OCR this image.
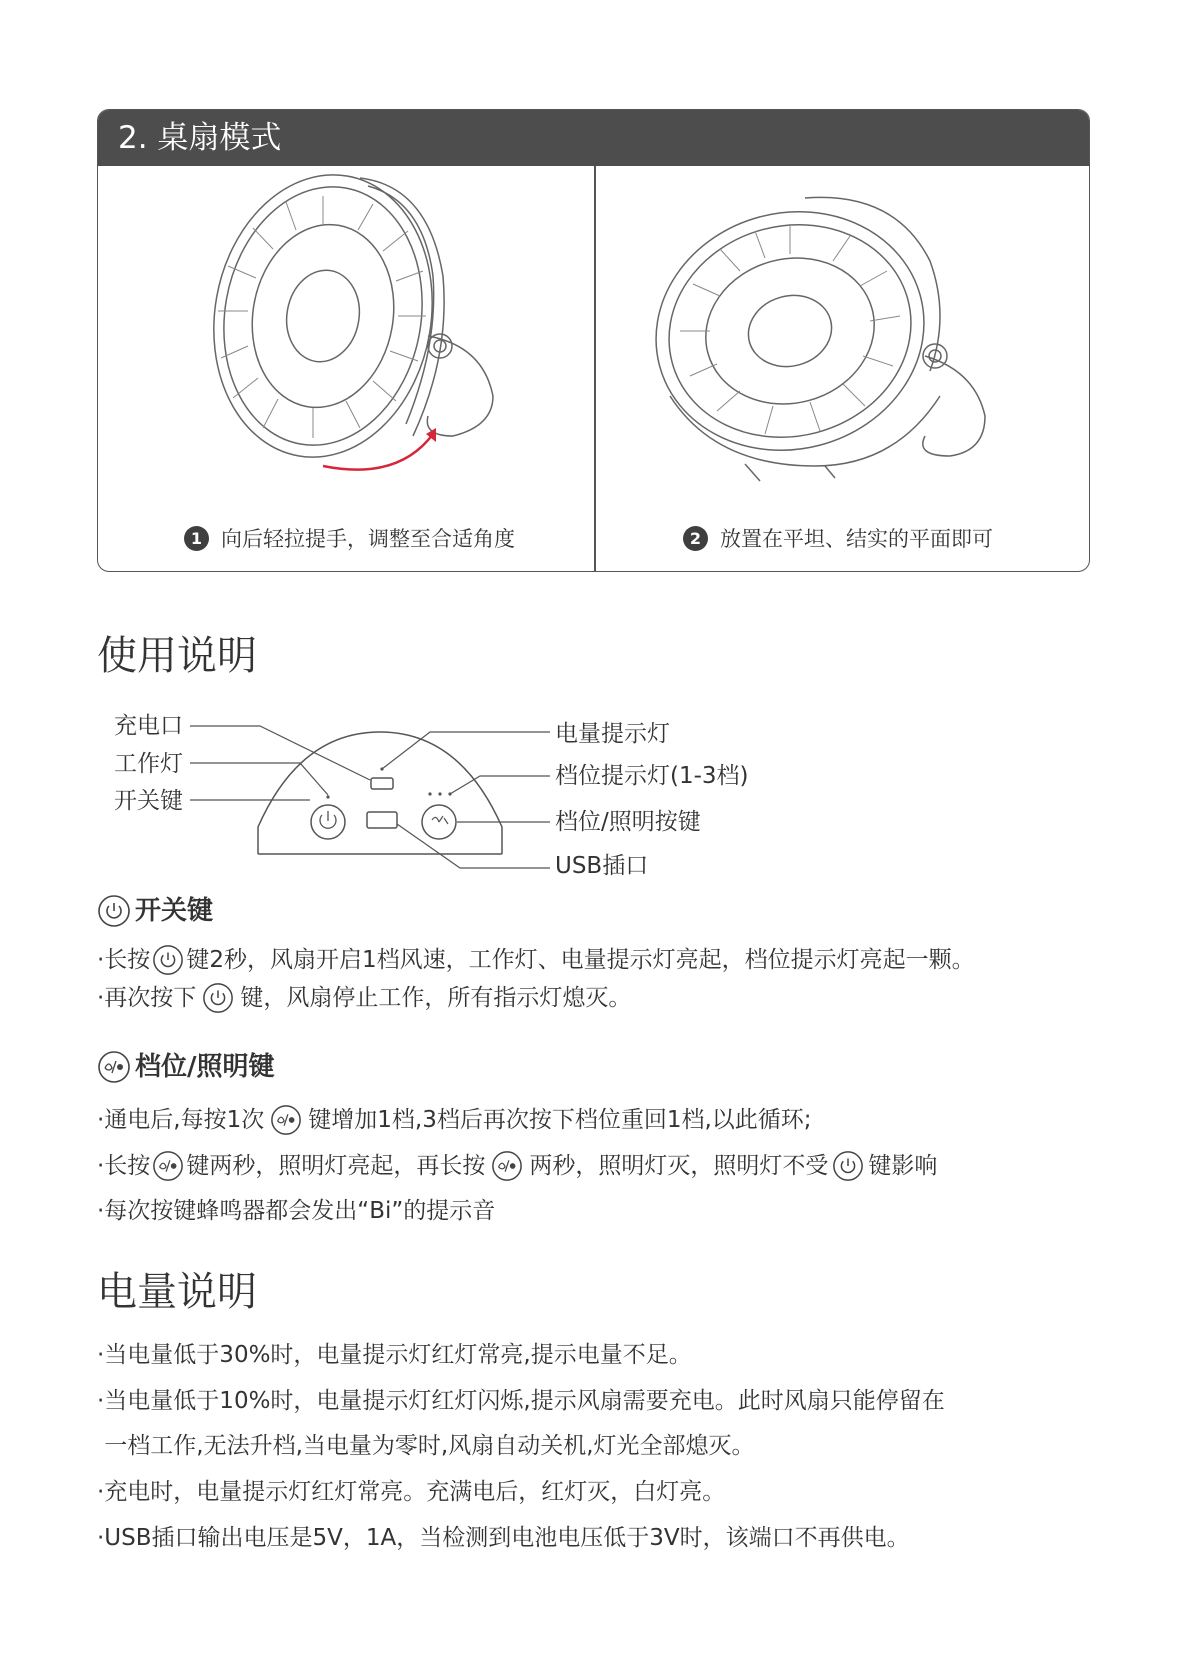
2. 桌扇模式
1 向后轻拉提手，调整至合适角度	2 放置在平坦、结实的平面即可
使用说明
充电口
工作灯
开关键
电量提示灯
档位提示灯(1-3档)
档位/照明按键
USB插口
开关键
·长按 键2秒，风扇开启1档风速，工作灯、电量提示灯亮起，档位提示灯亮起一颗。
·再次按下 键，风扇停止工作，所有指示灯熄灭。
档位/照明键
·通电后,每按1次 键增加1档,3档后再次按下档位重回1档,以此循环;
·长按 键两秒，照明灯亮起，再长按 两秒，照明灯灭，照明灯不受 键影响
·每次按键蜂鸣器都会发出“Bi”的提示音
电量说明
·当电量低于30%时，电量提示灯红灯常亮,提示电量不足。
·当电量低于10%时，电量提示灯红灯闪烁,提示风扇需要充电。此时风扇只能停留在
一档工作,无法升档,当电量为零时,风扇自动关机,灯光全部熄灭。
·充电时，电量提示灯红灯常亮。充满电后，红灯灭，白灯亮。
·USB插口输出电压是5V，1A，当检测到电池电压低于3V时，该端口不再供电。
